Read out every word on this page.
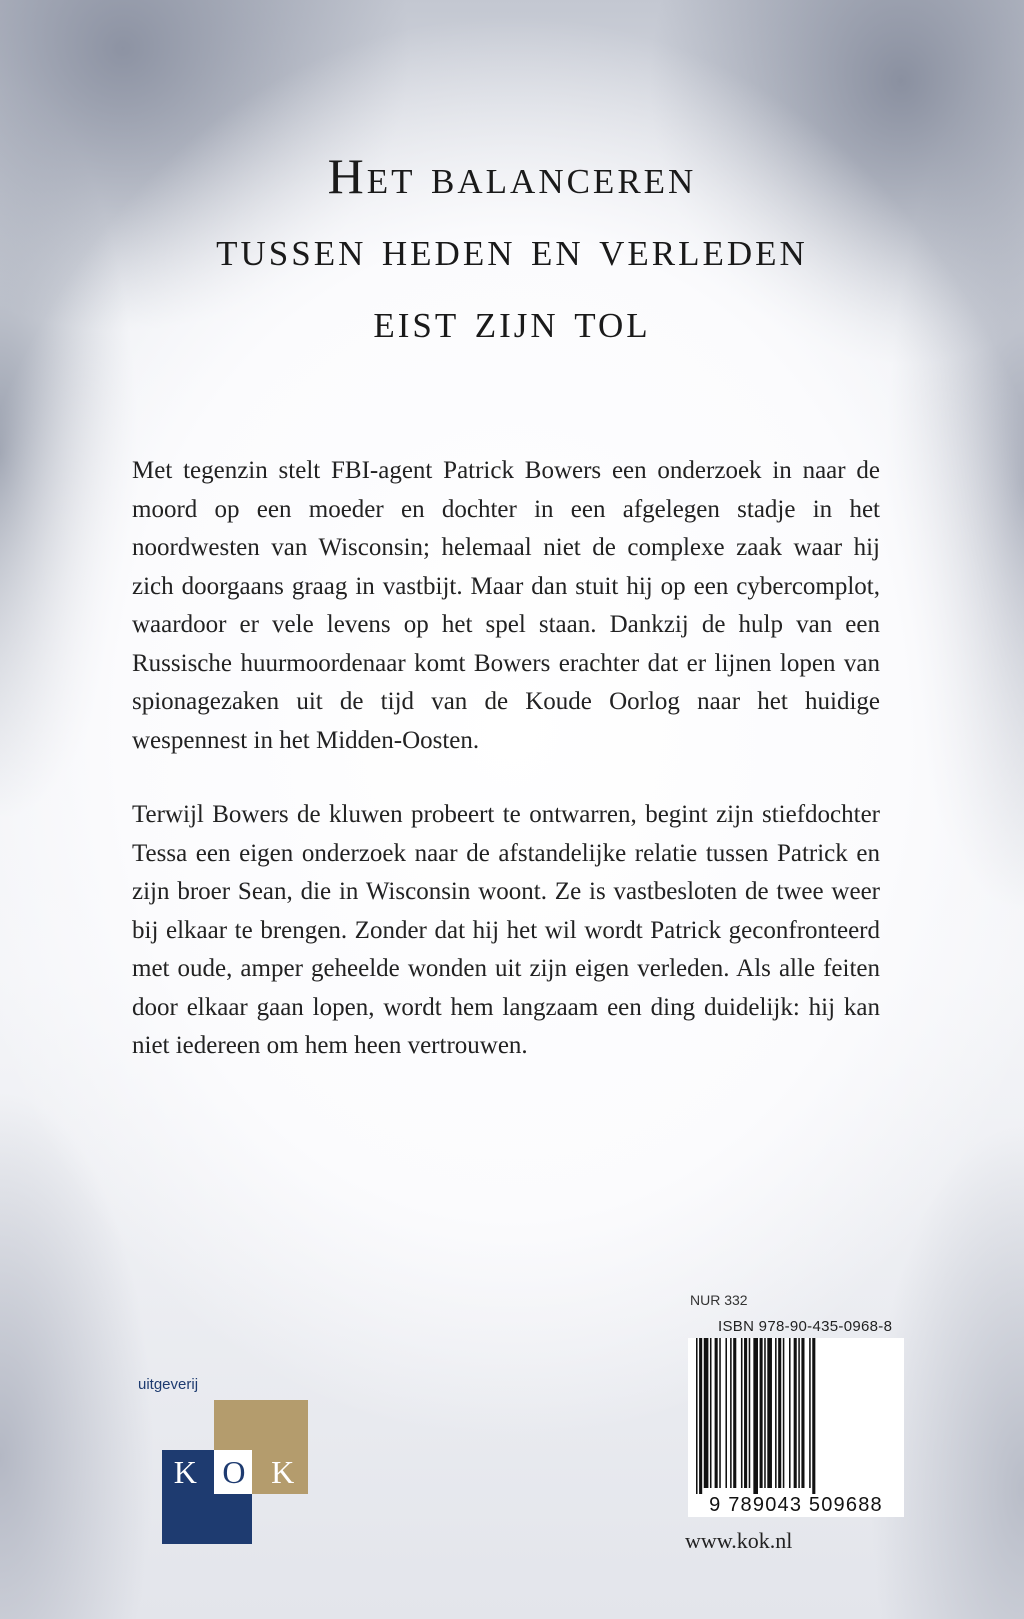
Het balanceren
tussen heden en verleden
eist zijn tol

Met tegenzin stelt FBI-agent Patrick Bowers een onderzoek in naar de moord op een moeder en dochter in een afgelegen stadje in het noordwesten van Wisconsin; helemaal niet de complexe zaak waar hij zich doorgaans graag in vastbijt. Maar dan stuit hij op een cybercomplot, waardoor er vele levens op het spel staan. Dankzij de hulp van een Russische huurmoordenaar komt Bowers erachter dat er lijnen lopen van spionagezaken uit de tijd van de Koude Oorlog naar het huidige wespennest in het Midden-Oosten.

Terwijl Bowers de kluwen probeert te ontwarren, begint zijn stiefdochter Tessa een eigen onderzoek naar de afstandelijke relatie tussen Patrick en zijn broer Sean, die in Wisconsin woont. Ze is vastbesloten de twee weer bij elkaar te brengen. Zonder dat hij het wil wordt Patrick geconfronteerd met oude, amper geheelde wonden uit zijn eigen verleden. Als alle feiten door elkaar gaan lopen, wordt hem langzaam een ding duidelijk: hij kan niet iedereen om hem heen vertrouwen.

uitgeverij
K O K
NUR 332
ISBN 978-90-435-0968-8
9 789043 509688
www.kok.nl
